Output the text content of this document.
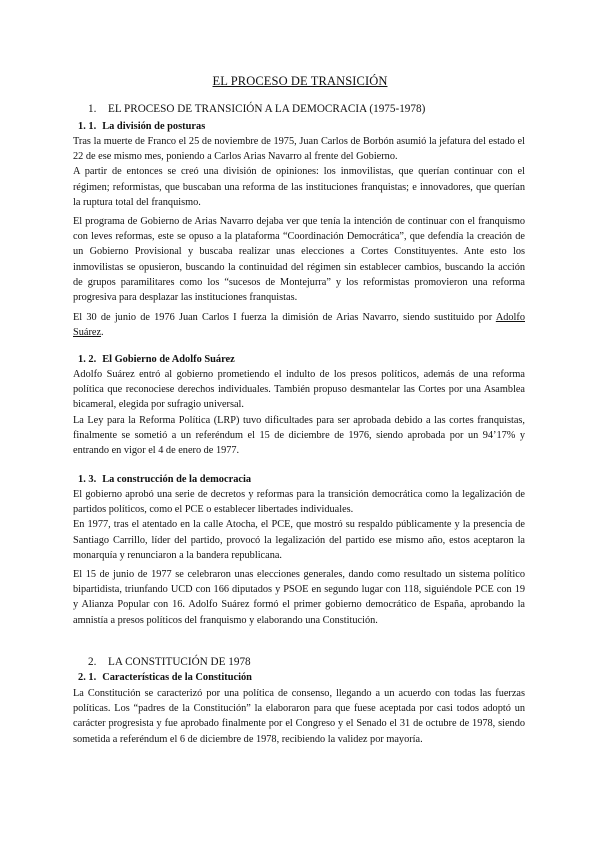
EL PROCESO DE TRANSICIÓN
1. EL PROCESO DE TRANSICIÓN A LA DEMOCRACIA (1975-1978)
1. 1. La división de posturas

Tras la muerte de Franco el 25 de noviembre de 1975, Juan Carlos de Borbón asumió la jefatura del estado el 22 de ese mismo mes, poniendo a Carlos Arias Navarro al frente del Gobierno.

A partir de entonces se creó una división de opiniones: los inmovilistas, que querían continuar con el régimen; reformistas, que buscaban una reforma de las instituciones franquistas; e innovadores, que querían la ruptura total del franquismo.

El programa de Gobierno de Arias Navarro dejaba ver que tenía la intención de continuar con el franquismo con leves reformas, este se opuso a la plataforma “Coordinación Democrática”, que defendía la creación de un Gobierno Provisional y buscaba realizar unas elecciones a Cortes Constituyentes. Ante esto los inmovilistas se opusieron, buscando la continuidad del régimen sin establecer cambios, buscando la acción de grupos paramilitares como los “sucesos de Montejurra” y los reformistas promovieron una reforma progresiva para desplazar las instituciones franquistas.

El 30 de junio de 1976 Juan Carlos I fuerza la dimisión de Arias Navarro, siendo sustituido por Adolfo Suárez.

1. 2. El Gobierno de Adolfo Suárez

Adolfo Suárez entró al gobierno prometiendo el indulto de los presos políticos, además de una reforma política que reconociese derechos individuales. También propuso desmantelar las Cortes por una Asamblea bicameral, elegida por sufragio universal.

La Ley para la Reforma Política (LRP) tuvo dificultades para ser aprobada debido a las cortes franquistas, finalmente se sometió a un referéndum el 15 de diciembre de 1976, siendo aprobada por un 94’17% y entrando en vigor el 4 de enero de 1977.

1. 3. La construcción de la democracia

El gobierno aprobó una serie de decretos y reformas para la transición democrática como la legalización de partidos políticos, como el PCE o establecer libertades individuales.

En 1977, tras el atentado en la calle Atocha, el PCE, que mostró su respaldo públicamente y la presencia de Santiago Carrillo, líder del partido, provocó la legalización del partido ese mismo año, estos aceptaron la monarquía y renunciaron a la bandera republicana.

El 15 de junio de 1977 se celebraron unas elecciones generales, dando como resultado un sistema político bipartidista, triunfando UCD con 166 diputados y PSOE en segundo lugar con 118, siguiéndole PCE con 19 y Alianza Popular con 16. Adolfo Suárez formó el primer gobierno democrático de España, aprobando la amnistía a presos políticos del franquismo y elaborando una Constitución.

2. LA CONSTITUCIÓN DE 1978
2. 1. Características de la Constitución

La Constitución se caracterizó por una política de consenso, llegando a un acuerdo con todas las fuerzas políticas. Los “padres de la Constitución” la elaboraron para que fuese aceptada por casi todos adoptó un carácter progresista y fue aprobado finalmente por el Congreso y el Senado el 31 de octubre de 1978, siendo sometida a referéndum el 6 de diciembre de 1978, recibiendo la validez por mayoría.
